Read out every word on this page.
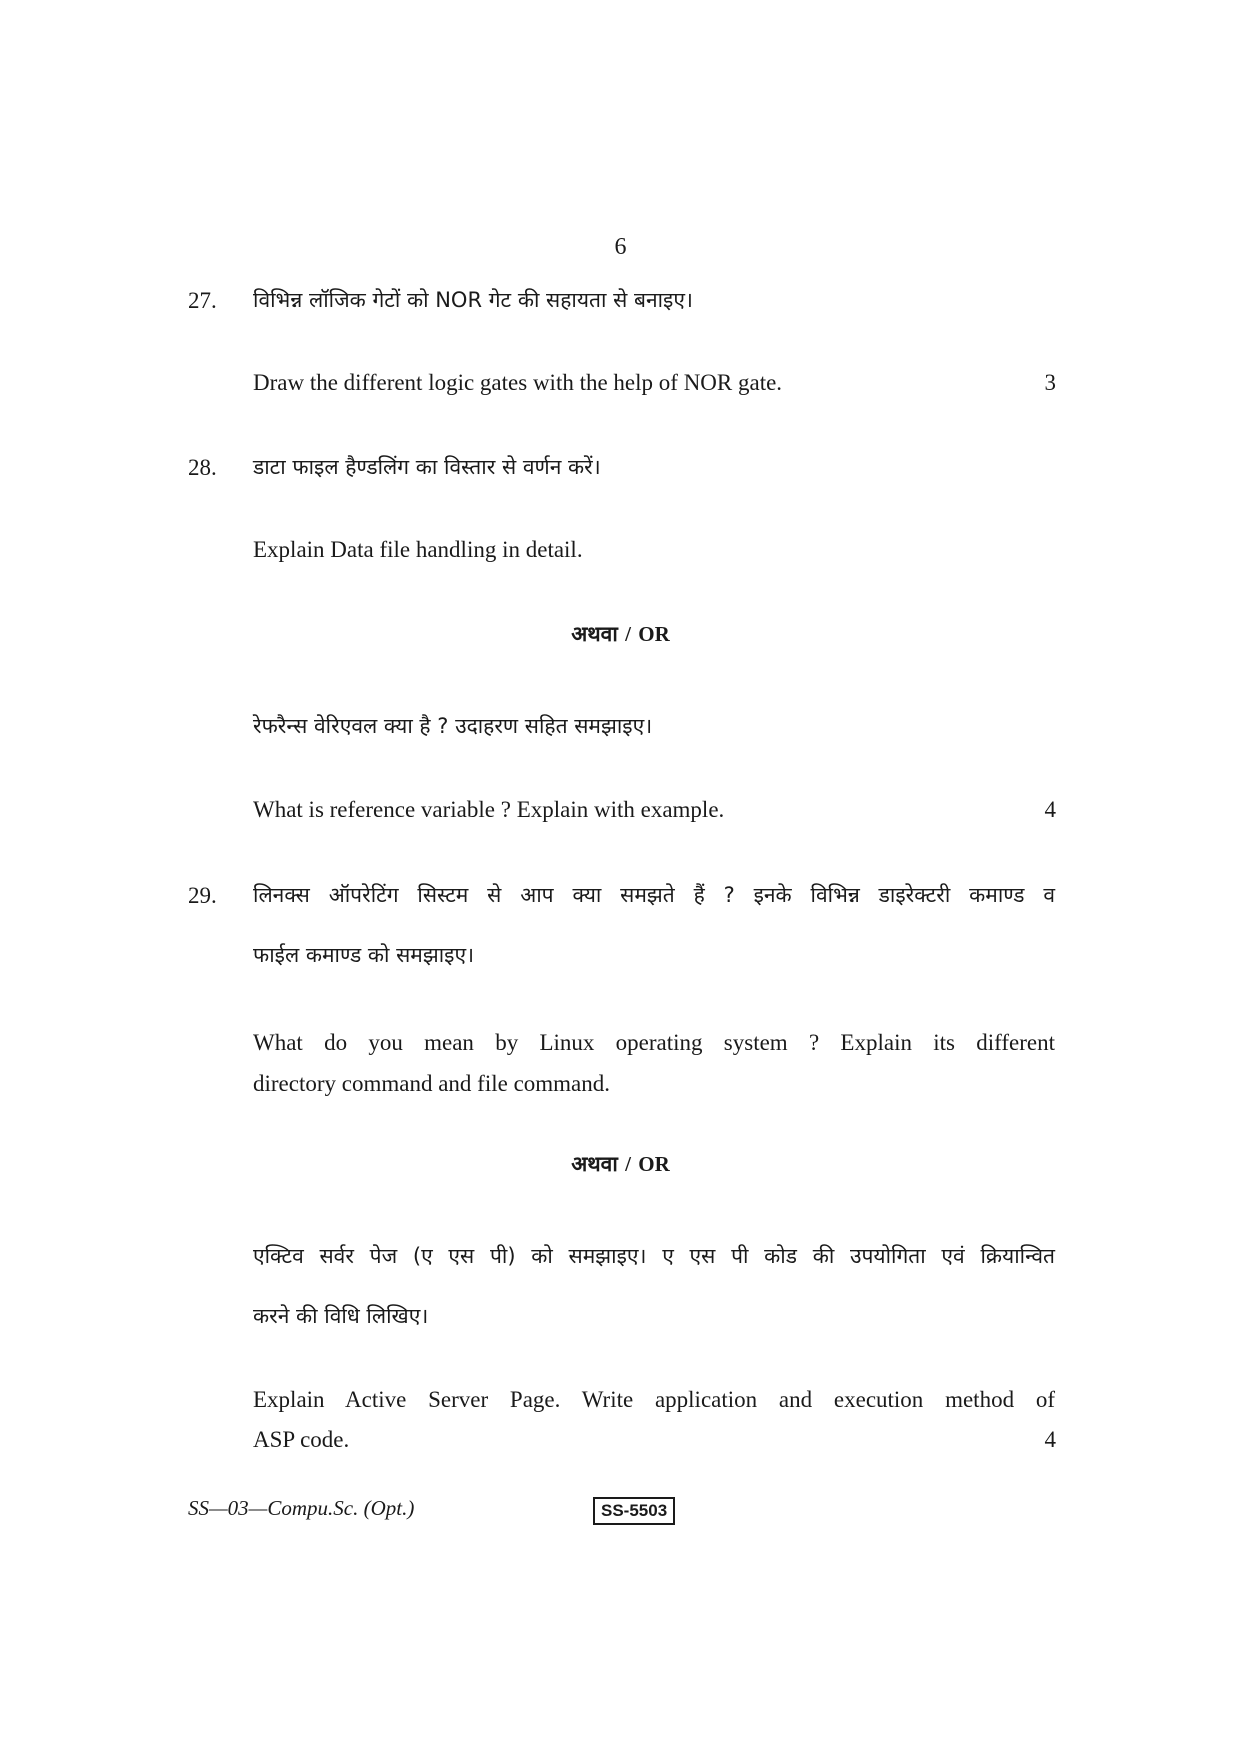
6
27. विभिन्न लॉजिक गेटों को NOR गेट की सहायता से बनाइए।
Draw the different logic gates with the help of NOR gate.	3
28. डाटा फाइल हैण्डलिंग का विस्तार से वर्णन करें।
Explain Data file handling in detail.
अथवा / OR
रेफरैन्स वेरिएवल क्या है ? उदाहरण सहित समझाइए।
What is reference variable ? Explain with example.	4
29. लिनक्स ऑपरेटिंग सिस्टम से आप क्या समझते हैं ? इनके विभिन्न डाइरेक्टरी कमाण्ड व
फाईल कमाण्ड को समझाइए।
What do you mean by Linux operating system ? Explain its different
directory command and file command.
अथवा / OR
एक्टिव सर्वर पेज (ए एस पी) को समझाइए। ए एस पी कोड की उपयोगिता एवं क्रियान्वित
करने की विधि लिखिए।
Explain Active Server Page. Write application and execution method of
ASP code.	4
SS—03—Compu.Sc. (Opt.)	SS-5503
